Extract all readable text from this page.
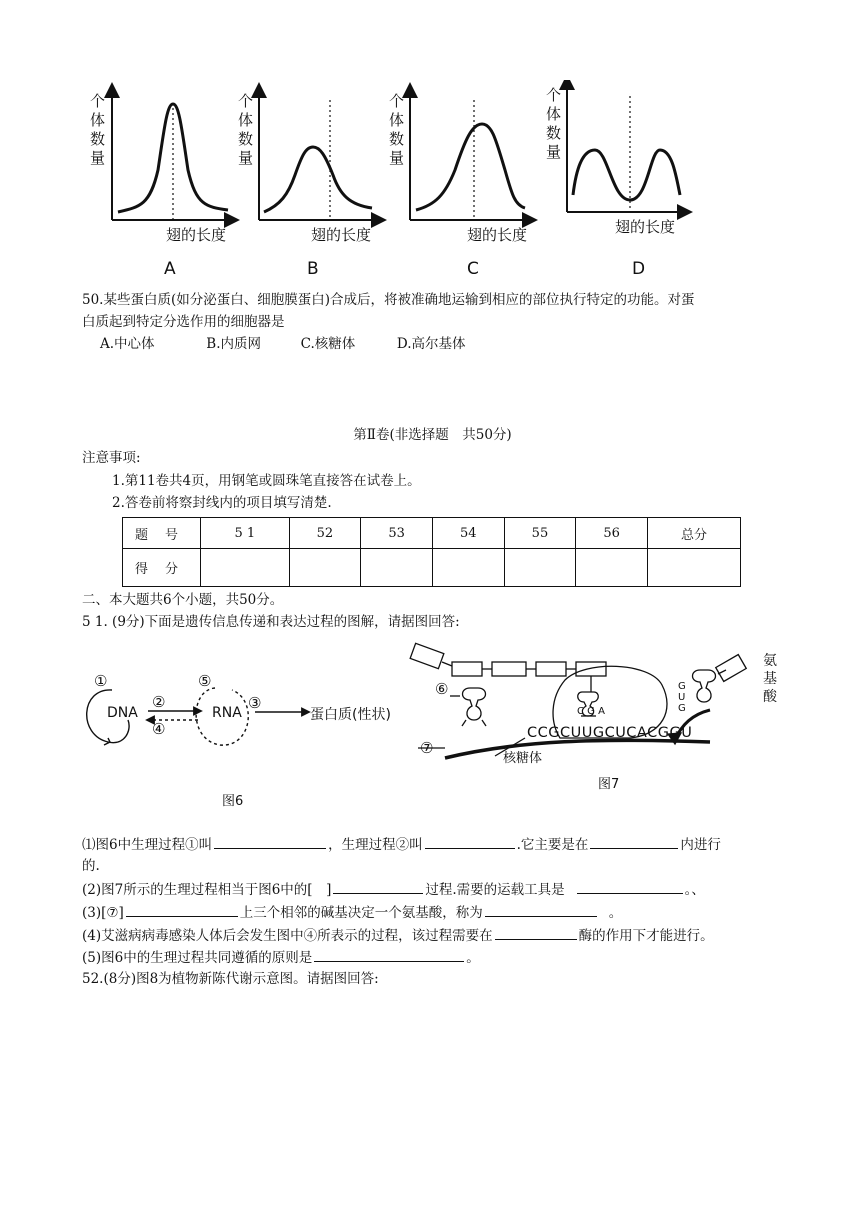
个体数量
个体数量
个体数量
个体数量
翅的长度	翅的长度	翅的长度	翅的长度
A	B	C	D
50.某些蛋白质(如分泌蛋白、细胞膜蛋白)合成后，将被准确地运输到相应的部位执行特定的功能。对蛋
白质起到特定分选作用的细胞器是
A.中心体	B.内质网	C.核糖体	D.高尔基体
第Ⅱ卷(非选择题　共50分)
注意事项:
1.第11卷共4页，用钢笔或圆珠笔直接答在试卷上。
2.答卷前将察封线内的项目填写清楚.
题　号	5 1	52	53	54	55	56	总分
得　分							
二、本大题共6个小题，共50分。
5 1. (9分)下面是遗传信息传递和表达过程的图解，请据图回答:
①
②
④
⑤
③
DNA	RNA	蛋白质(性状)
图6
⑥
⑦
C G A
G U G
CCGCUUGCUCACGGU
核糖体
氨
基
酸
图7
⑴图6中生理过程①叫	，生理过程②叫	.它主要是在	内进行
的.
(2)图7所示的生理过程相当于图6中的[　]	过程.需要的运载工具是	。、
(3)[⑦]	上三个相邻的碱基决定一个氨基酸，称为	。
(4)艾滋病病毒感染人体后会发生图中④所表示的过程，该过程需要在	酶的作用下才能进行。
(5)图6中的生理过程共同遵循的原则是	。
52.(8分)图8为植物新陈代谢示意图。请据图回答:
